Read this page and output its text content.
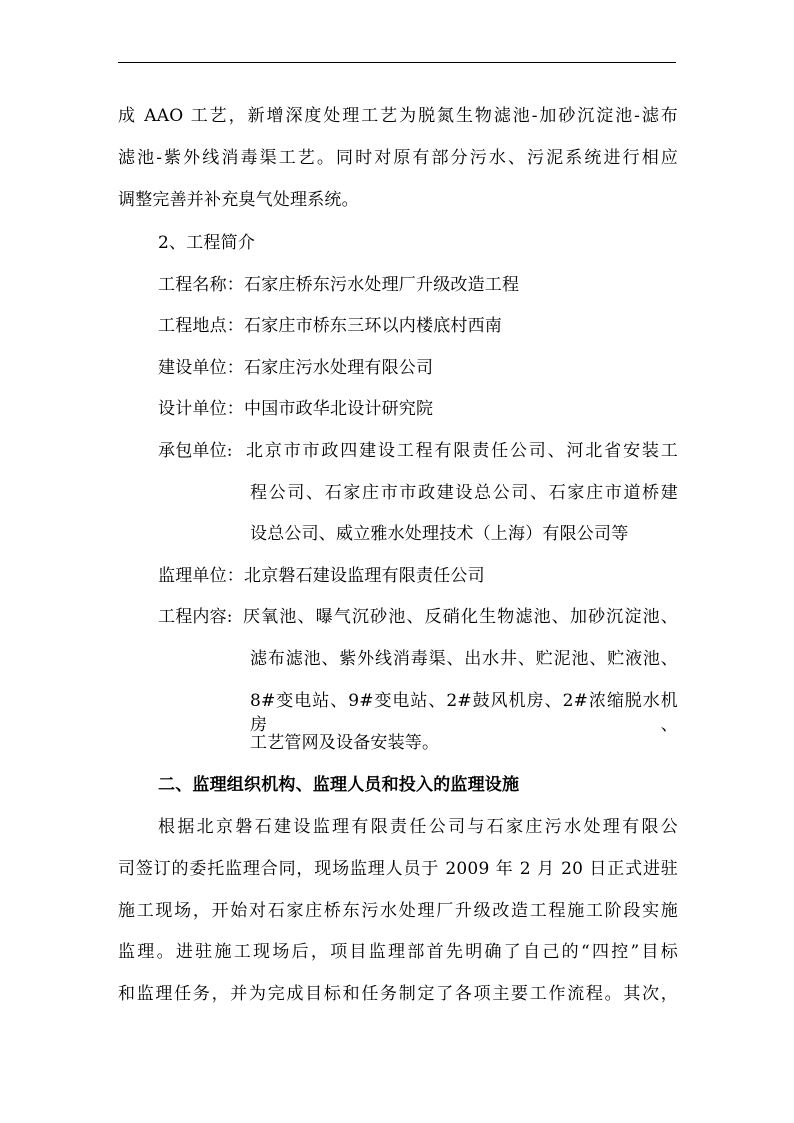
成 AAO 工艺，新增深度处理工艺为脱氮生物滤池-加砂沉淀池-滤布
滤池-紫外线消毒渠工艺。同时对原有部分污水、污泥系统进行相应
调整完善并补充臭气处理系统。
2、工程简介
工程名称：石家庄桥东污水处理厂升级改造工程
工程地点：石家庄市桥东三环以内楼底村西南
建设单位：石家庄污水处理有限公司
设计单位：中国市政华北设计研究院
承包单位: 北京市市政四建设工程有限责任公司、河北省安装工
程公司、石家庄市市政建设总公司、石家庄市道桥建
设总公司、威立雅水处理技术（上海）有限公司等
监理单位：北京磐石建设监理有限责任公司
工程内容: 厌氧池、曝气沉砂池、反硝化生物滤池、加砂沉淀池、
滤布滤池、紫外线消毒渠、出水井、贮泥池、贮液池、
8#变电站、9#变电站、2#鼓风机房、2#浓缩脱水机房、
工艺管网及设备安装等。
二、监理组织机构、监理人员和投入的监理设施
根据北京磐石建设监理有限责任公司与石家庄污水处理有限公
司签订的委托监理合同，现场监理人员于 2009 年 2 月 20 日正式进驻
施工现场，开始对石家庄桥东污水处理厂升级改造工程施工阶段实施
监理。进驻施工现场后，项目监理部首先明确了自己的“四控”目标
和监理任务，并为完成目标和任务制定了各项主要工作流程。其次，
